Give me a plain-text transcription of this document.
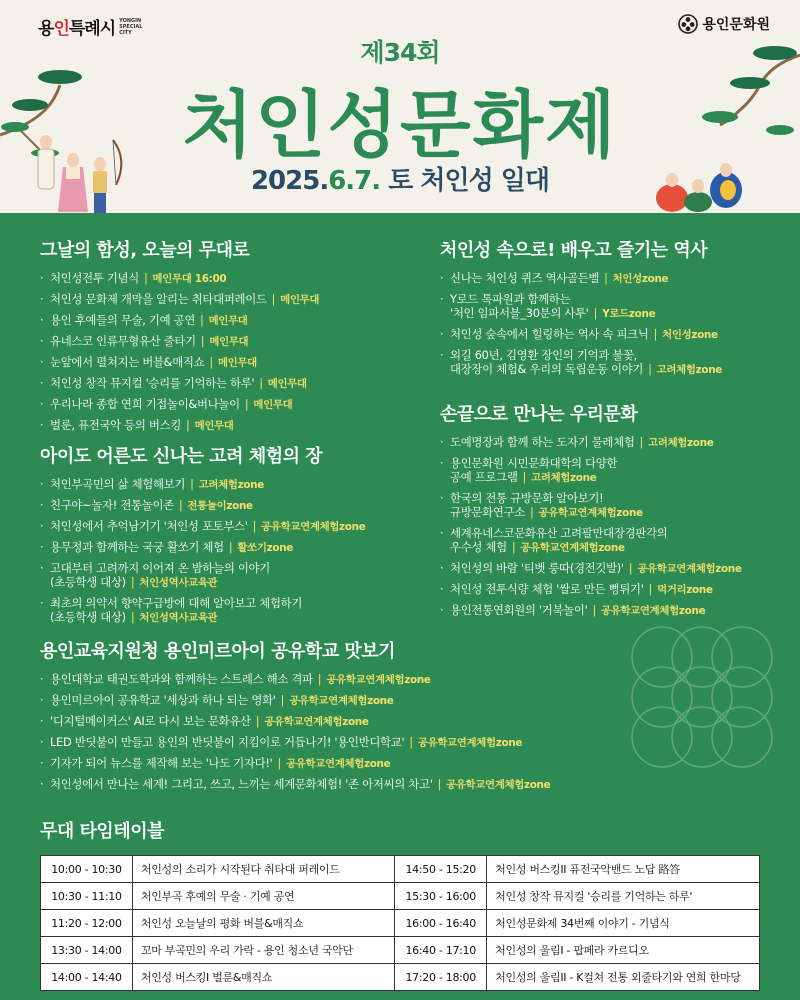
용인특례시 YONGIN SPECIAL CITY	용인문화원
제34회
처인성문화제
2025.6.7. 토 처인성 일대
그날의 함성, 오늘의 무대로
· 처인성전투 기념식 | 메인무대 16:00
· 처인성 문화제 개막을 알리는 취타대퍼레이드 | 메인무대
· 용인 후예들의 무술, 기예 공연 | 메인무대
· 유네스코 인류무형유산 줄타기 | 메인무대
· 눈앞에서 펼쳐지는 버블&매직쇼 | 메인무대
· 처인성 창작 뮤지컬 '승리를 기억하는 하루' | 메인무대
· 우리나라 종합 연희 기접놀이&버나놀이 | 메인무대
· 벌룬, 퓨전국악 등의 버스킹 | 메인무대
아이도 어른도 신나는 고려 체험의 장
· 처인부곡민의 삶 체험해보기 | 고려체험zone
· 친구야~놀자! 전통놀이존 | 전통놀이zone
· 처인성에서 추억남기기 '처인성 포토부스' | 공유학교연계체험zone
· 용무정과 함께하는 국궁 활쏘기 체험 | 활쏘기zone
· 고대부터 고려까지 이어져 온 밤하늘의 이야기
(초등학생 대상) | 처인성역사교육관
· 최초의 의약서 향약구급방에 대해 알아보고 체험하기
(초등학생 대상) | 처인성역사교육관
처인성 속으로! 배우고 즐기는 역사
· 신나는 처인성 퀴즈 역사골든벨 | 처인성zone
· Y로드 톡파원과 함께하는
'처인 임파서블_30분의 사투' | Y로드zone
· 처인성 숲속에서 힐링하는 역사 속 피크닉 | 처인성zone
· 외길 60년, 김영환 장인의 기억과 불꽃,
대장장이 체험& 우리의 독립운동 이야기 | 고려체험zone
손끝으로 만나는 우리문화
· 도예명장과 함께 하는 도자기 물레체험 | 고려체험zone
· 용인문화원 시민문화대학의 다양한
공예 프로그램 | 고려체험zone
· 한국의 전통 규방문화 알아보기!
규방문화연구소 | 공유학교연계체험zone
· 세계유네스코문화유산 고려팔만대장경판각의
우수성 체험 | 공유학교연계체험zone
· 처인성의 바람 '티벳 룽따(경전깃발)' | 공유학교연계체험zone
· 처인성 전투식량 체험 '쌀로 만든 뻥튀기' | 먹거리zone
· 용인전통연회원의 '거북놀이' | 공유학교연계체험zone
용인교육지원청 용인미르아이 공유학교 맛보기
· 용인대학교 태권도학과와 함께하는 스트레스 해소 격파 | 공유학교연계체험zone
· 용인미르아이 공유학교 '세상과 하나 되는 영화' | 공유학교연계체험zone
· '디지털메이커스' AI로 다시 보는 문화유산 | 공유학교연계체험zone
· LED 반딧불이 만들고 용인의 반딧불이 지킴이로 거듭나기! '용인반디학교' | 공유학교연계체험zone
· 기자가 되어 뉴스를 제작해 보는 '나도 기자다!' | 공유학교연계체험zone
· 처인성에서 만나는 세계! 그리고, 쓰고, 느끼는 세계문화체험! '존 아저씨의 차고' | 공유학교연계체험zone
무대 타임테이블
10:00 - 10:30	처인성의 소리가 시작된다 취타대 퍼레이드	14:50 - 15:20	처인성 버스킹II 퓨전국악밴드 노답 路答
10:30 - 11:10	처인부곡 후예의 무술 · 기예 공연	15:30 - 16:00	처인성 창작 뮤지컬 '승리를 기억하는 하루'
11:20 - 12:00	처인성 오늘날의 평화 버블&매직쇼	16:00 - 16:40	처인성문화제 34번째 이야기 - 기념식
13:30 - 14:00	꼬마 부곡민의 우리 가락 - 용인 청소년 국악단	16:40 - 17:10	처인성의 울림I - 팝페라 카르디오
14:00 - 14:40	처인성 버스킹I 벌룬&매직쇼	17:20 - 18:00	처인성의 울림II - K컬쳐 전통 외줄타기와 연희 한마당
